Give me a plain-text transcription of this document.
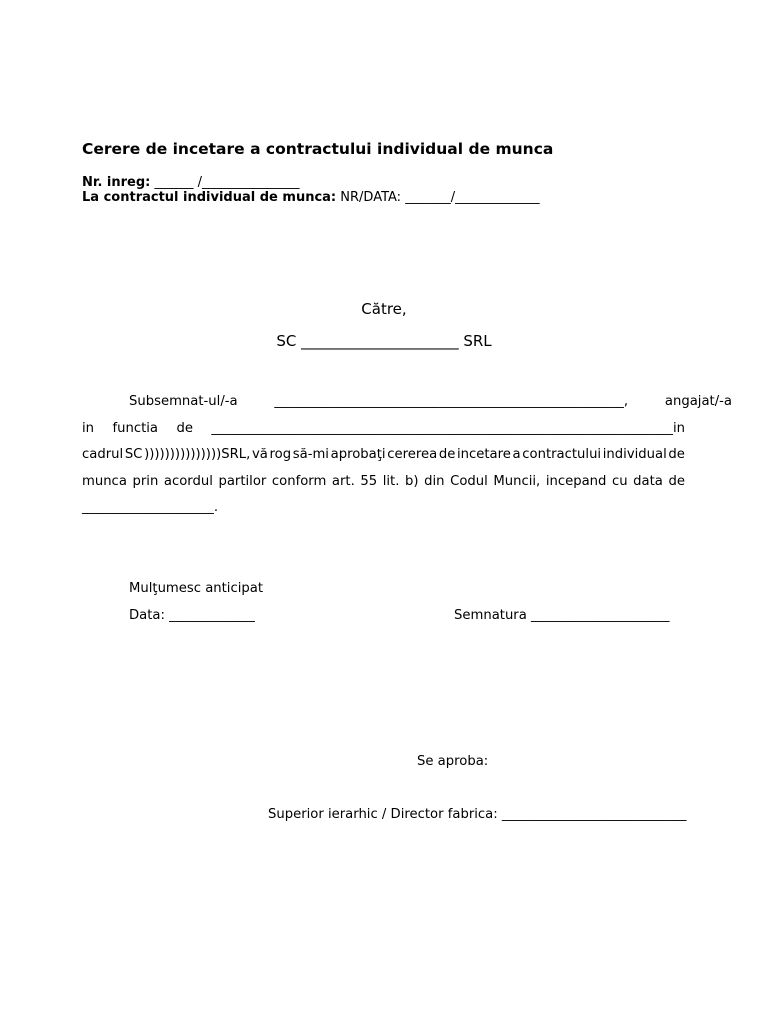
Cerere de incetare a contractului individual de munca
Nr. inreg: ______ /_______________
La contractul individual de munca: NR/DATA: _______/_____________
Către,
SC _____________________ SRL
Subsemnat-ul/-a	_____________________________________________________,	angajat/-a
in functia de ______________________________________________________________________in
cadrul SC )))))))))))))))SRL, vă rog să-mi aprobaţi cererea de incetare a contractului individual de
munca prin acordul partilor conform art. 55 lit. b) din Codul Muncii, incepand cu data de
____________________.
Mulţumesc anticipat
Data: _____________	Semnatura _____________________
Se aproba:
Superior ierarhic / Director fabrica: ____________________________
